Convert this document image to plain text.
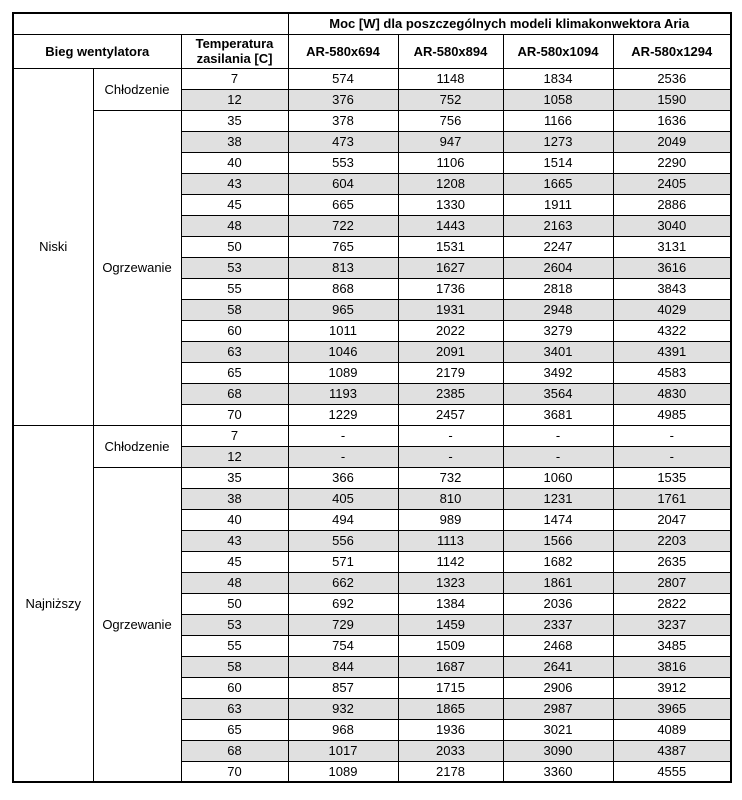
			Moc [W] dla poszczególnych modeli klimakonwektora Aria			
Bieg wentylatora		Temperatura zasilania [C]	AR-580x694	AR-580x894	AR-580x1094	AR-580x1294
Niski	Chłodzenie	7	574	1148	1834	2536
		12	376	752	1058	1590
	Ogrzewanie	35	378	756	1166	1636
		38	473	947	1273	2049
		40	553	1106	1514	2290
		43	604	1208	1665	2405
		45	665	1330	1911	2886
		48	722	1443	2163	3040
		50	765	1531	2247	3131
		53	813	1627	2604	3616
		55	868	1736	2818	3843
		58	965	1931	2948	4029
		60	1011	2022	3279	4322
		63	1046	2091	3401	4391
		65	1089	2179	3492	4583
		68	1193	2385	3564	4830
		70	1229	2457	3681	4985
Najniższy	Chłodzenie	7	-	-	-	-
		12	-	-	-	-
	Ogrzewanie	35	366	732	1060	1535
		38	405	810	1231	1761
		40	494	989	1474	2047
		43	556	1113	1566	2203
		45	571	1142	1682	2635
		48	662	1323	1861	2807
		50	692	1384	2036	2822
		53	729	1459	2337	3237
		55	754	1509	2468	3485
		58	844	1687	2641	3816
		60	857	1715	2906	3912
		63	932	1865	2987	3965
		65	968	1936	3021	4089
		68	1017	2033	3090	4387
		70	1089	2178	3360	4555
